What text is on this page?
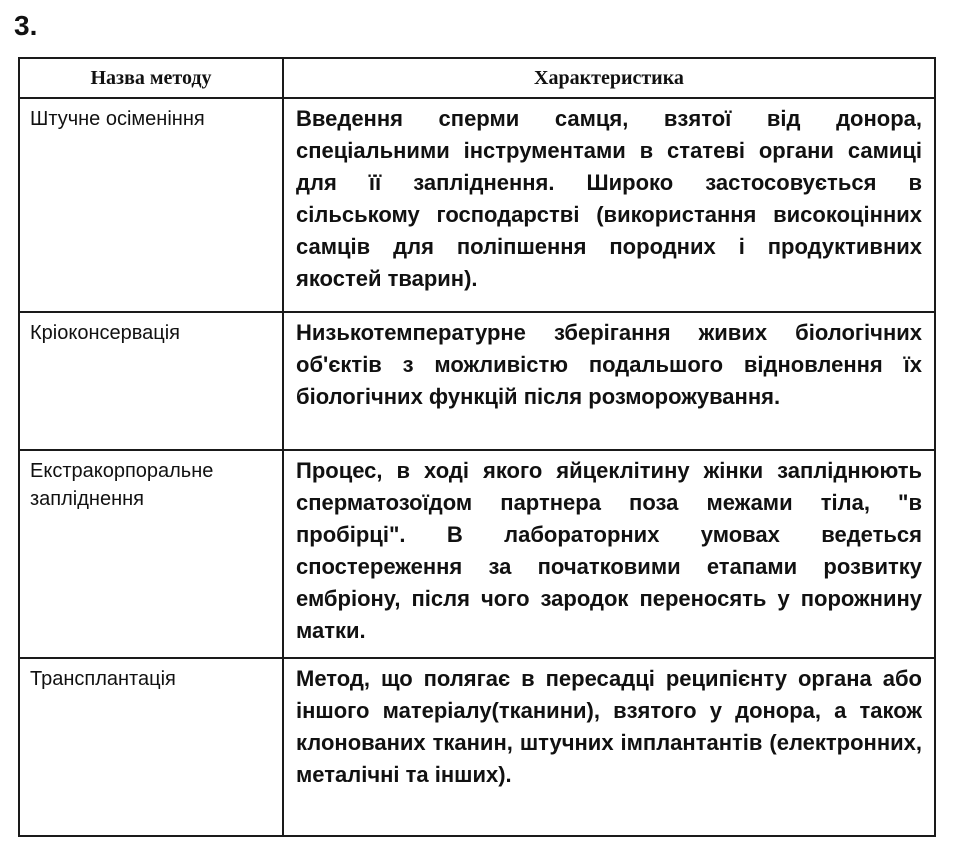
3.
Назва методу	Характеристика
Штучне осіменіння	Введення сперми самця, взятої від донора, спеціальними інструментами в статеві органи самиці для її запліднення. Широко застосовується в сільському господарстві (використання високоцінних самців для поліпшення породних і продуктивних якостей тварин).
Кріоконсервація	Низькотемпературне зберігання живих біологічних об'єктів з можливістю подальшого відновлення їх біологічних функцій після розморожування.
Екстракорпоральне запліднення	Процес, в ході якого яйцеклітину жінки запліднюють сперматозоїдом партнера поза межами тіла, "в пробірці". В лабораторних умовах ведеться спостереження за початковими етапами розвитку ембріону, після чого зародок переносять у порожнину матки.
Трансплантація	Метод, що полягає в пересадці реципієнту органа або іншого матеріалу(тканини), взятого у донора, а також клонованих тканин, штучних імплантантів (електронних, металічні та інших).
